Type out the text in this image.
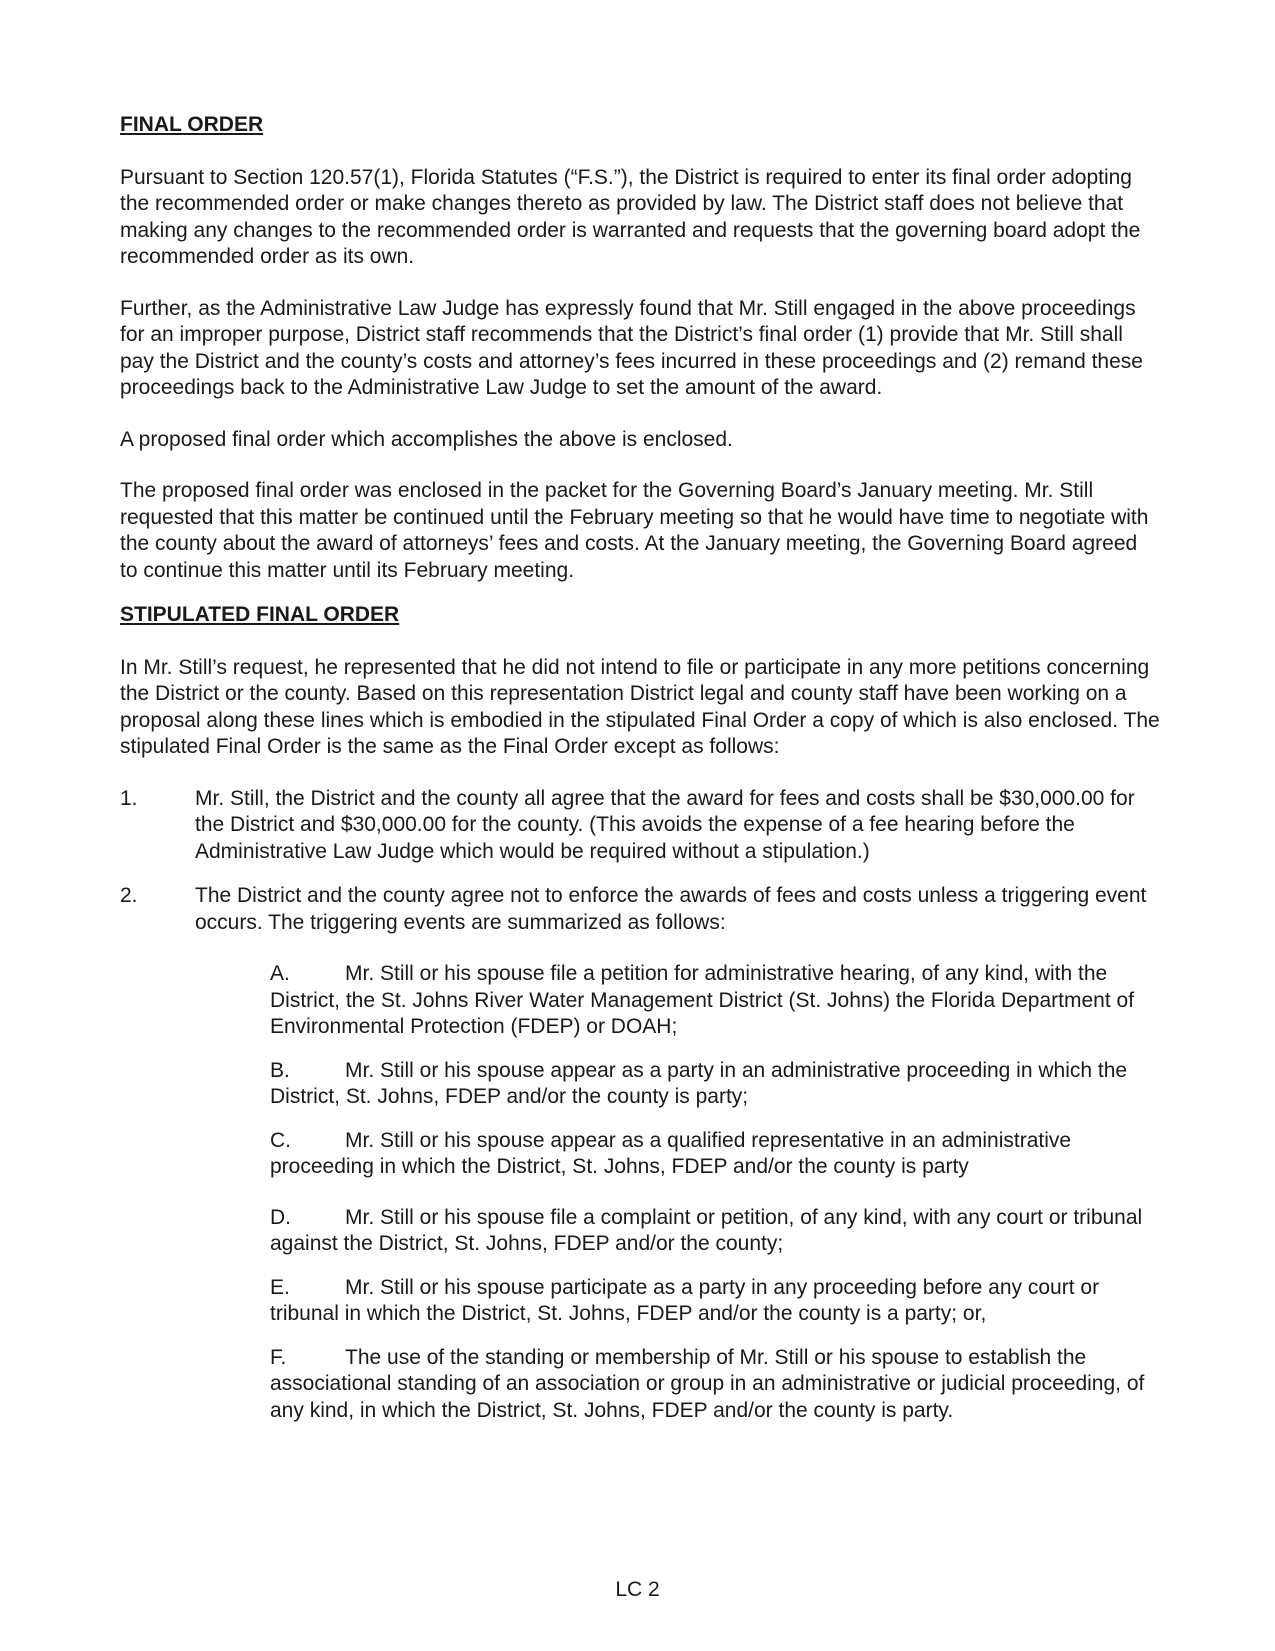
FINAL ORDER

Pursuant to Section 120.57(1), Florida Statutes (“F.S.”), the District is required to enter its final order adopting the recommended order or make changes thereto as provided by law. The District staff does not believe that making any changes to the recommended order is warranted and requests that the governing board adopt the recommended order as its own.

Further, as the Administrative Law Judge has expressly found that Mr. Still engaged in the above proceedings for an improper purpose, District staff recommends that the District’s final order (1) provide that Mr. Still shall pay the District and the county’s costs and attorney’s fees incurred in these proceedings and (2) remand these proceedings back to the Administrative Law Judge to set the amount of the award.

A proposed final order which accomplishes the above is enclosed.

The proposed final order was enclosed in the packet for the Governing Board’s January meeting. Mr. Still requested that this matter be continued until the February meeting so that he would have time to negotiate with the county about the award of attorneys’ fees and costs. At the January meeting, the Governing Board agreed to continue this matter until its February meeting.

STIPULATED FINAL ORDER

In Mr. Still’s request, he represented that he did not intend to file or participate in any more petitions concerning the District or the county. Based on this representation District legal and county staff have been working on a proposal along these lines which is embodied in the stipulated Final Order a copy of which is also enclosed. The stipulated Final Order is the same as the Final Order except as follows:

1.	Mr. Still, the District and the county all agree that the award for fees and costs shall be $30,000.00 for the District and $30,000.00 for the county. (This avoids the expense of a fee hearing before the Administrative Law Judge which would be required without a stipulation.)
2.	The District and the county agree not to enforce the awards of fees and costs unless a triggering event occurs. The triggering events are summarized as follows:

A.	Mr. Still or his spouse file a petition for administrative hearing, of any kind, with the District, the St. Johns River Water Management District (St. Johns) the Florida Department of Environmental Protection (FDEP) or DOAH;

B.	Mr. Still or his spouse appear as a party in an administrative proceeding in which the District, St. Johns, FDEP and/or the county is party;

C.	Mr. Still or his spouse appear as a qualified representative in an administrative proceeding in which the District, St. Johns, FDEP and/or the county is party

D.	Mr. Still or his spouse file a complaint or petition, of any kind, with any court or tribunal against the District, St. Johns, FDEP and/or the county;

E.	Mr. Still or his spouse participate as a party in any proceeding before any court or tribunal in which the District, St. Johns, FDEP and/or the county is a party; or,

F.	The use of the standing or membership of Mr. Still or his spouse to establish the associational standing of an association or group in an administrative or judicial proceeding, of any kind, in which the District, St. Johns, FDEP and/or the county is party.

LC 2
